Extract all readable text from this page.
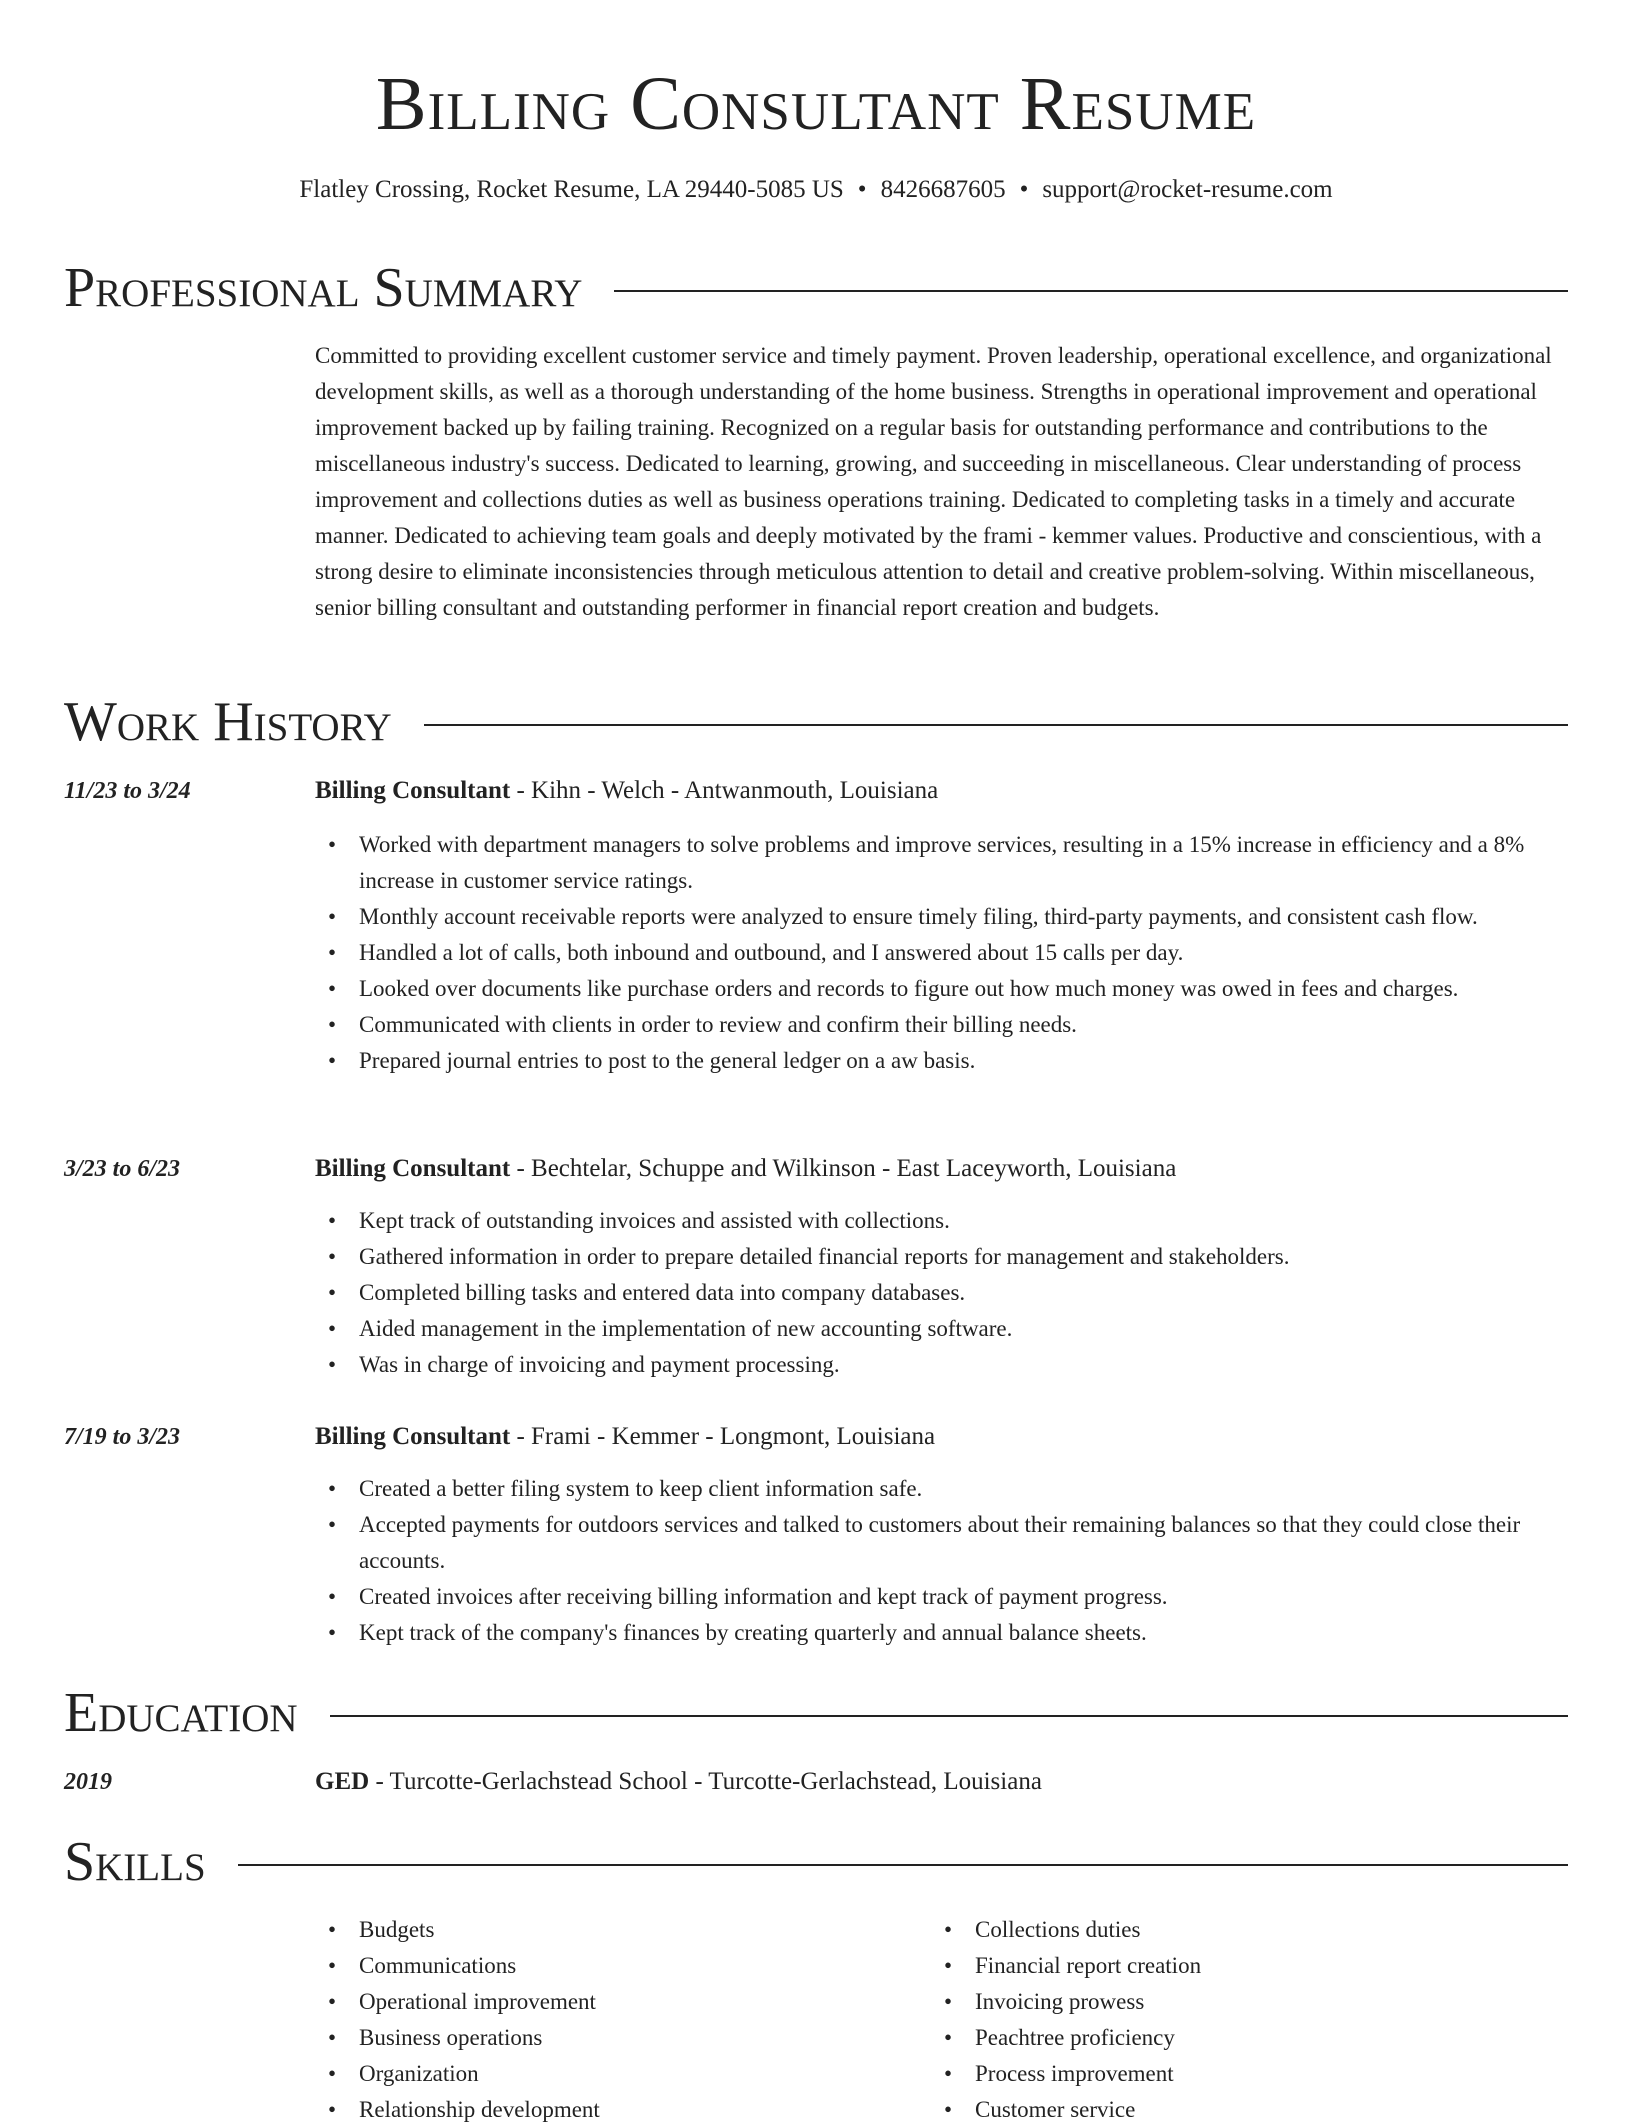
Billing Consultant Resume
Flatley Crossing, Rocket Resume, LA 29440-5085 US • 8426687605 • support@rocket-resume.com
Professional Summary
Committed to providing excellent customer service and timely payment. Proven leadership, operational excellence, and organizational development skills, as well as a thorough understanding of the home business. Strengths in operational improvement and operational improvement backed up by failing training. Recognized on a regular basis for outstanding performance and contributions to the miscellaneous industry's success. Dedicated to learning, growing, and succeeding in miscellaneous. Clear understanding of process improvement and collections duties as well as business operations training. Dedicated to completing tasks in a timely and accurate manner. Dedicated to achieving team goals and deeply motivated by the frami - kemmer values. Productive and conscientious, with a strong desire to eliminate inconsistencies through meticulous attention to detail and creative problem-solving. Within miscellaneous, senior billing consultant and outstanding performer in financial report creation and budgets.
Work History
11/23 to 3/24	Billing Consultant - Kihn - Welch - Antwanmouth, Louisiana
• Worked with department managers to solve problems and improve services, resulting in a 15% increase in efficiency and a 8% increase in customer service ratings.
• Monthly account receivable reports were analyzed to ensure timely filing, third-party payments, and consistent cash flow.
• Handled a lot of calls, both inbound and outbound, and I answered about 15 calls per day.
• Looked over documents like purchase orders and records to figure out how much money was owed in fees and charges.
• Communicated with clients in order to review and confirm their billing needs.
• Prepared journal entries to post to the general ledger on a aw basis.
3/23 to 6/23	Billing Consultant - Bechtelar, Schuppe and Wilkinson - East Laceyworth, Louisiana
• Kept track of outstanding invoices and assisted with collections.
• Gathered information in order to prepare detailed financial reports for management and stakeholders.
• Completed billing tasks and entered data into company databases.
• Aided management in the implementation of new accounting software.
• Was in charge of invoicing and payment processing.
7/19 to 3/23	Billing Consultant - Frami - Kemmer - Longmont, Louisiana
• Created a better filing system to keep client information safe.
• Accepted payments for outdoors services and talked to customers about their remaining balances so that they could close their accounts.
• Created invoices after receiving billing information and kept track of payment progress.
• Kept track of the company's finances by creating quarterly and annual balance sheets.
Education
2019	GED - Turcotte-Gerlachstead School - Turcotte-Gerlachstead, Louisiana
Skills
• Budgets
• Communications
• Operational improvement
• Business operations
• Organization
• Relationship development
• Collections duties
• Financial report creation
• Invoicing prowess
• Peachtree proficiency
• Process improvement
• Customer service
